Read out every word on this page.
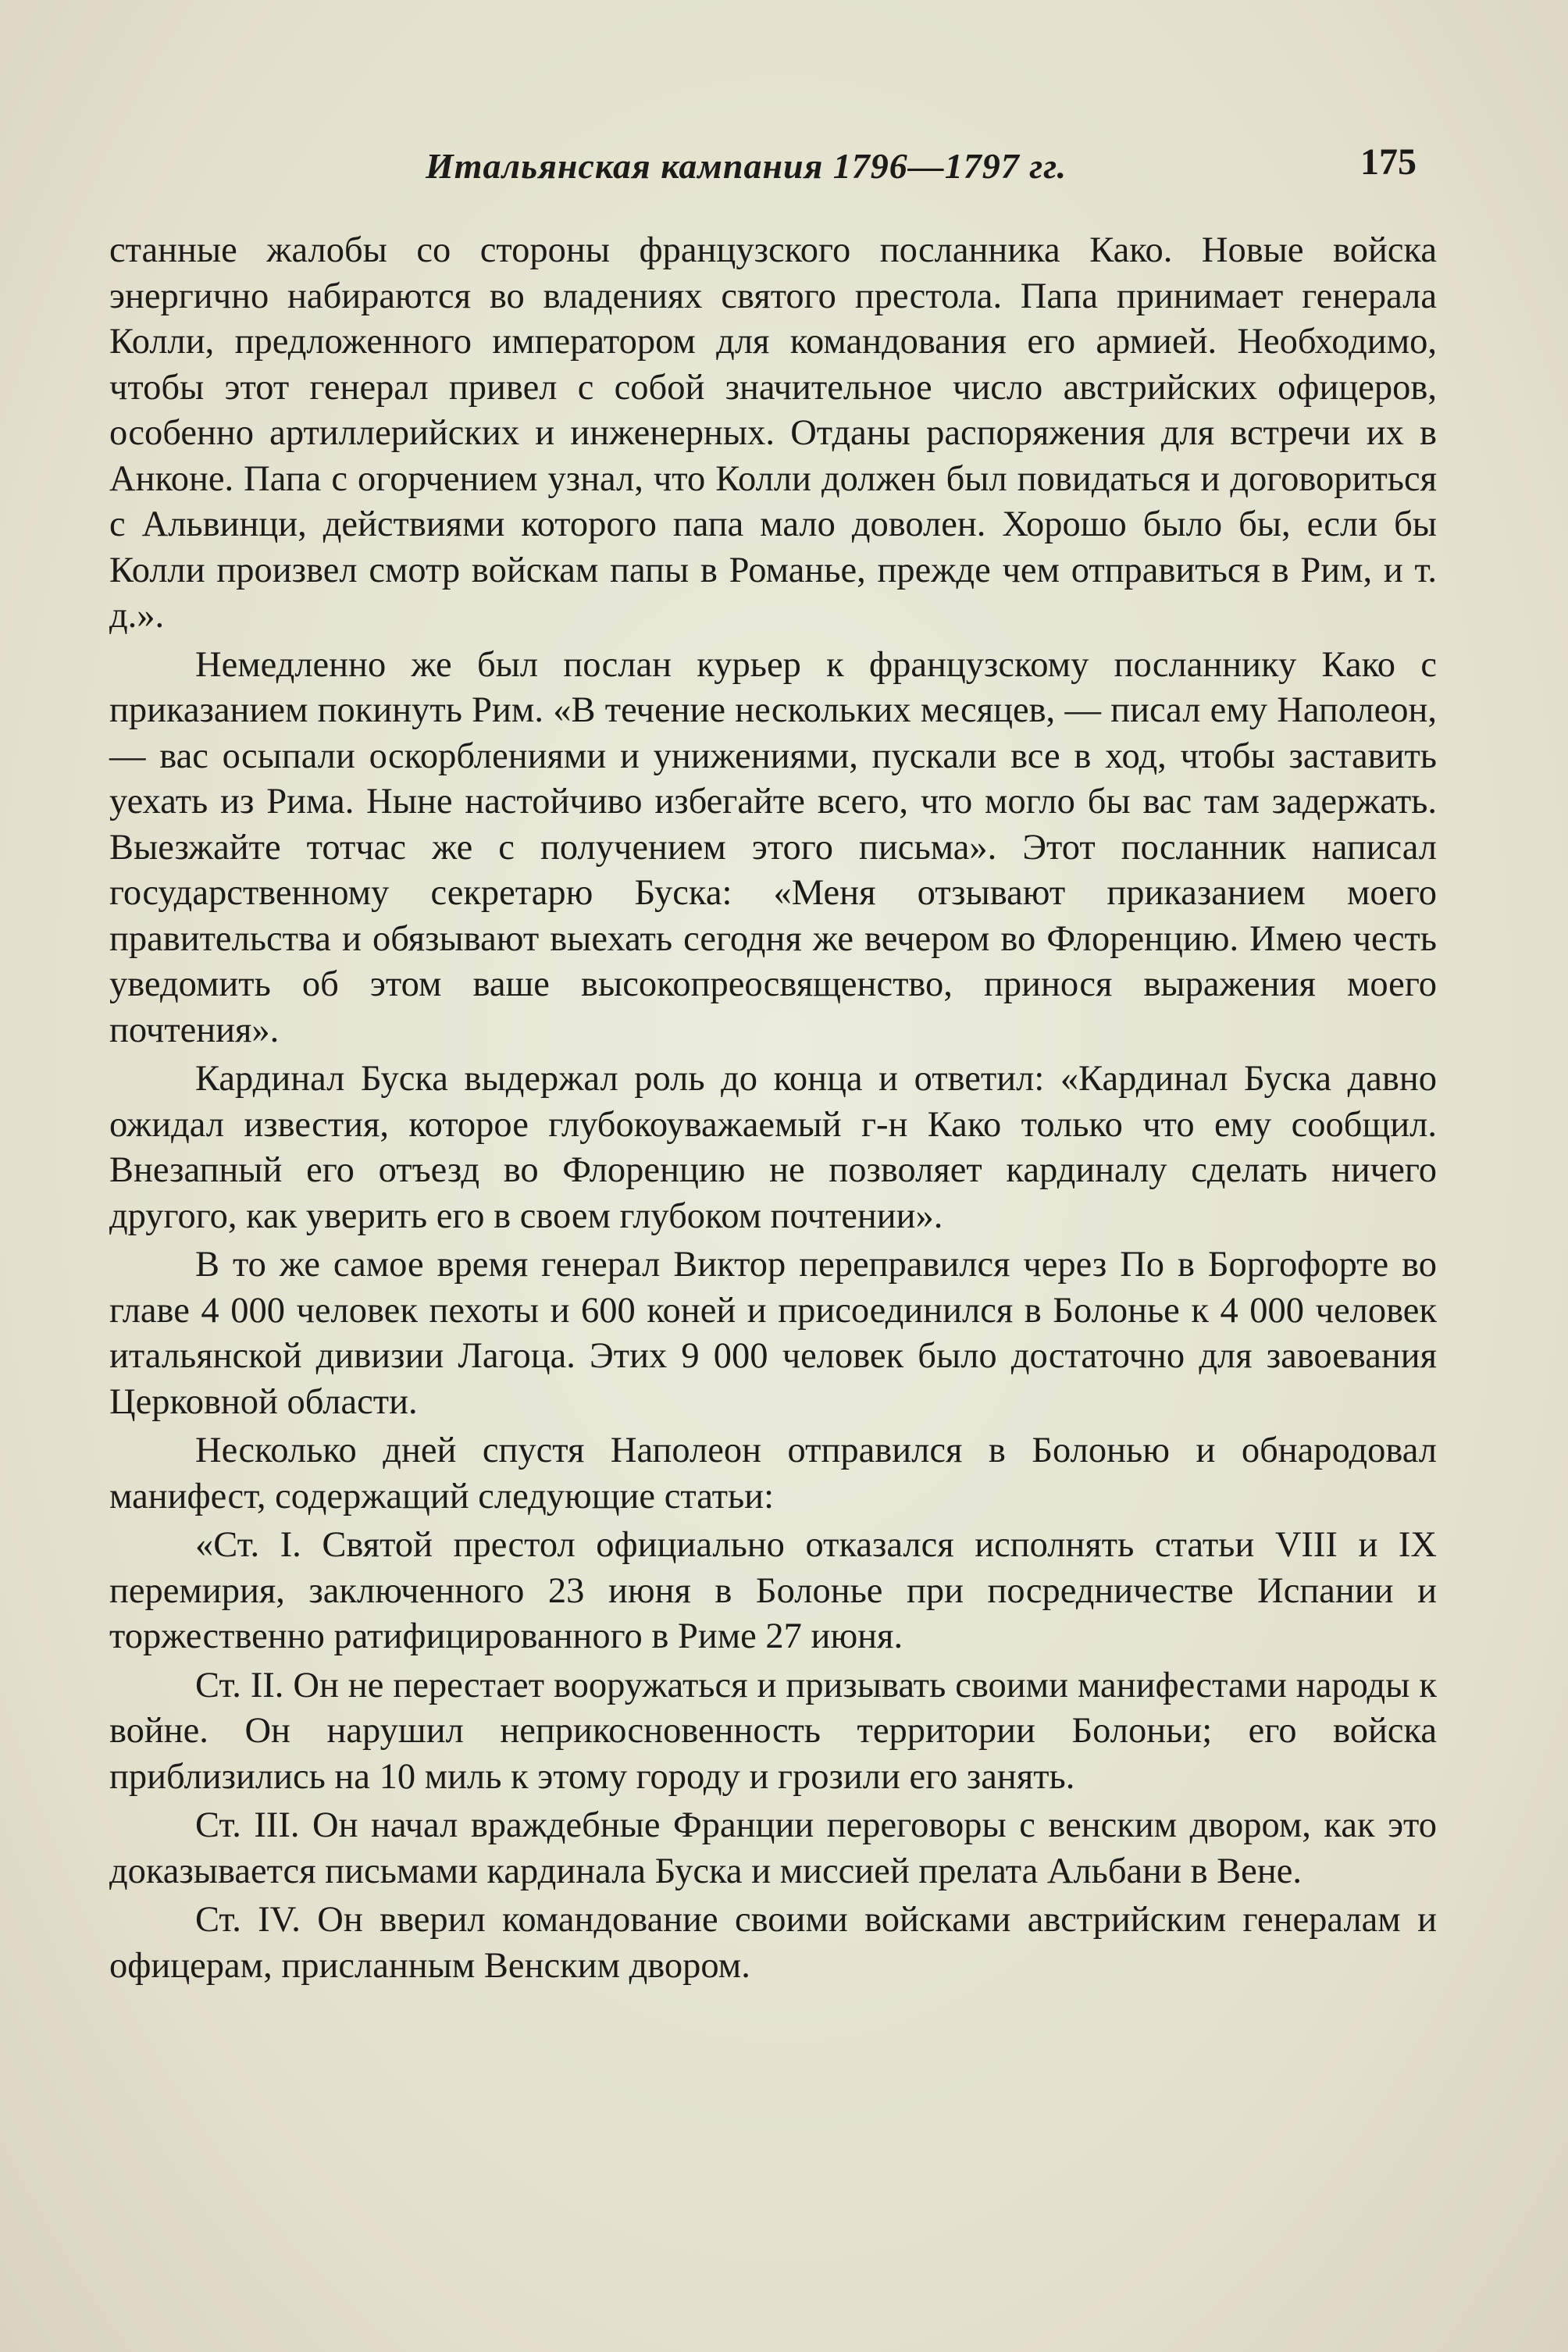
Итальянская кампания 1796—1797 гг.	175

станные жалобы со стороны французского посланника Како. Новые войска энергично набираются во владениях святого престола. Папа принимает генерала Колли, предложенного императором для командования его армией. Необходимо, чтобы этот генерал привел с собой значительное число австрийских офицеров, особенно артиллерийских и инженерных. Отданы распоряжения для встречи их в Анконе. Папа с огорчением узнал, что Колли должен был повидаться и договориться с Альвинци, действиями которого папа мало доволен. Хорошо было бы, если бы Колли произвел смотр войскам папы в Романье, прежде чем отправиться в Рим, и т. д.».

Немедленно же был послан курьер к французскому посланнику Како с приказанием покинуть Рим. «В течение нескольких месяцев, — писал ему Наполеон, — вас осыпали оскорблениями и унижениями, пускали все в ход, чтобы заставить уехать из Рима. Ныне настойчиво избегайте всего, что могло бы вас там задержать. Выезжайте тотчас же с получением этого письма». Этот посланник написал государственному секретарю Буска: «Меня отзывают приказанием моего правительства и обязывают выехать сегодня же вечером во Флоренцию. Имею честь уведомить об этом ваше высокопреосвященство, принося выражения моего почтения».

Кардинал Буска выдержал роль до конца и ответил: «Кардинал Буска давно ожидал известия, которое глубокоуважаемый г-н Како только что ему сообщил. Внезапный его отъезд во Флоренцию не позволяет кардиналу сделать ничего другого, как уверить его в своем глубоком почтении».

В то же самое время генерал Виктор переправился через По в Боргофорте во главе 4 000 человек пехоты и 600 коней и присоединился в Болонье к 4 000 человек итальянской дивизии Лагоца. Этих 9 000 человек было достаточно для завоевания Церковной области.

Несколько дней спустя Наполеон отправился в Болонью и обнародовал манифест, содержащий следующие статьи:

«Ст. I. Святой престол официально отказался исполнять статьи VIII и IX перемирия, заключенного 23 июня в Болонье при посредничестве Испании и торжественно ратифицированного в Риме 27 июня.

Ст. II. Он не перестает вооружаться и призывать своими манифестами народы к войне. Он нарушил неприкосновенность территории Болоньи; его войска приблизились на 10 миль к этому городу и грозили его занять.

Ст. III. Он начал враждебные Франции переговоры с венским двором, как это доказывается письмами кардинала Буска и миссией прелата Альбани в Вене.

Ст. IV. Он вверил командование своими войсками австрийским генералам и офицерам, присланным Венским двором.
